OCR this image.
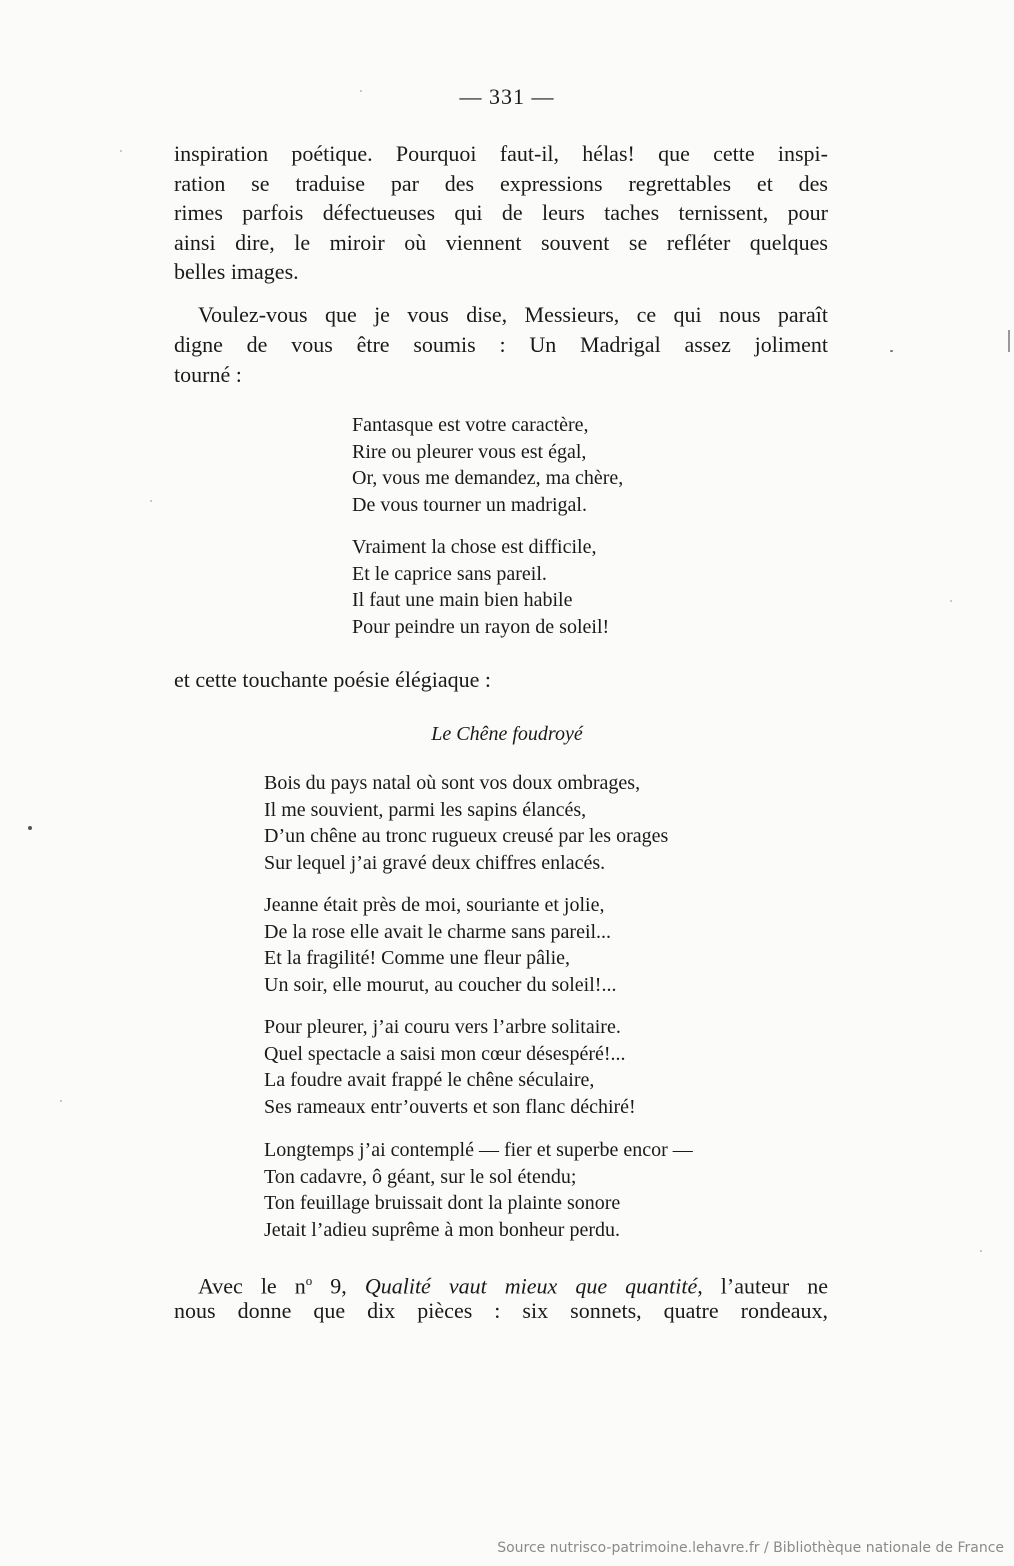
— 331 —

inspiration poétique. Pourquoi faut-il, hélas! que cette inspi-

ration se traduise par des expressions regrettables et des

rimes parfois défectueuses qui de leurs taches ternissent, pour

ainsi dire, le miroir où viennent souvent se refléter quelques

belles images.

Voulez-vous que je vous dise, Messieurs, ce qui nous paraît

digne de vous être soumis : Un Madrigal assez joliment

tourné :

Fantasque est votre caractère,
Rire ou pleurer vous est égal,
Or, vous me demandez, ma chère,
De vous tourner un madrigal.
Vraiment la chose est difficile,
Et le caprice sans pareil.
Il faut une main bien habile
Pour peindre un rayon de soleil!

et cette touchante poésie élégiaque :

Le Chêne foudroyé
Bois du pays natal où sont vos doux ombrages,
Il me souvient, parmi les sapins élancés,
D’un chêne au tronc rugueux creusé par les orages
Sur lequel j’ai gravé deux chiffres enlacés.
Jeanne était près de moi, souriante et jolie,
De la rose elle avait le charme sans pareil...
Et la fragilité! Comme une fleur pâlie,
Un soir, elle mourut, au coucher du soleil!...
Pour pleurer, j’ai couru vers l’arbre solitaire.
Quel spectacle a saisi mon cœur désespéré!...
La foudre avait frappé le chêne séculaire,
Ses rameaux entr’ouverts et son flanc déchiré!
Longtemps j’ai contemplé — fier et superbe encor —
Ton cadavre, ô géant, sur le sol étendu;
Ton feuillage bruissait dont la plainte sonore
Jetait l’adieu suprême à mon bonheur perdu.

Avec le $n^o$ 9, Qualité vaut mieux que quantité, l’auteur ne

nous donne que dix pièces : six sonnets, quatre rondeaux,

Source nutrisco-patrimoine.lehavre.fr / Bibliothèque nationale de France
